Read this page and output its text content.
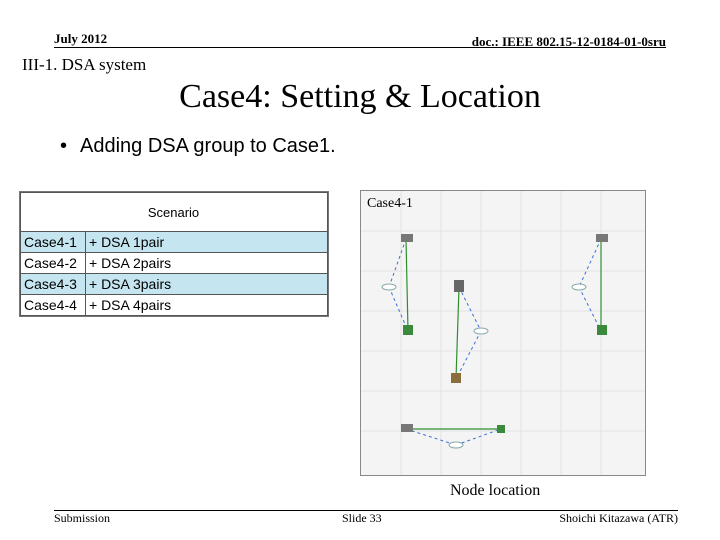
July 2012	doc.: IEEE 802.15-12-0184-01-0sru
III-1. DSA system
Case4: Setting & Location
• Adding DSA group to Case1.
Scenario	
Case4-1	+ DSA 1pair
Case4-2	+ DSA 2pairs
Case4-3	+ DSA 3pairs
Case4-4	+ DSA 4pairs
Case4-1
Node location
Submission	Slide 33	Shoichi Kitazawa (ATR)
